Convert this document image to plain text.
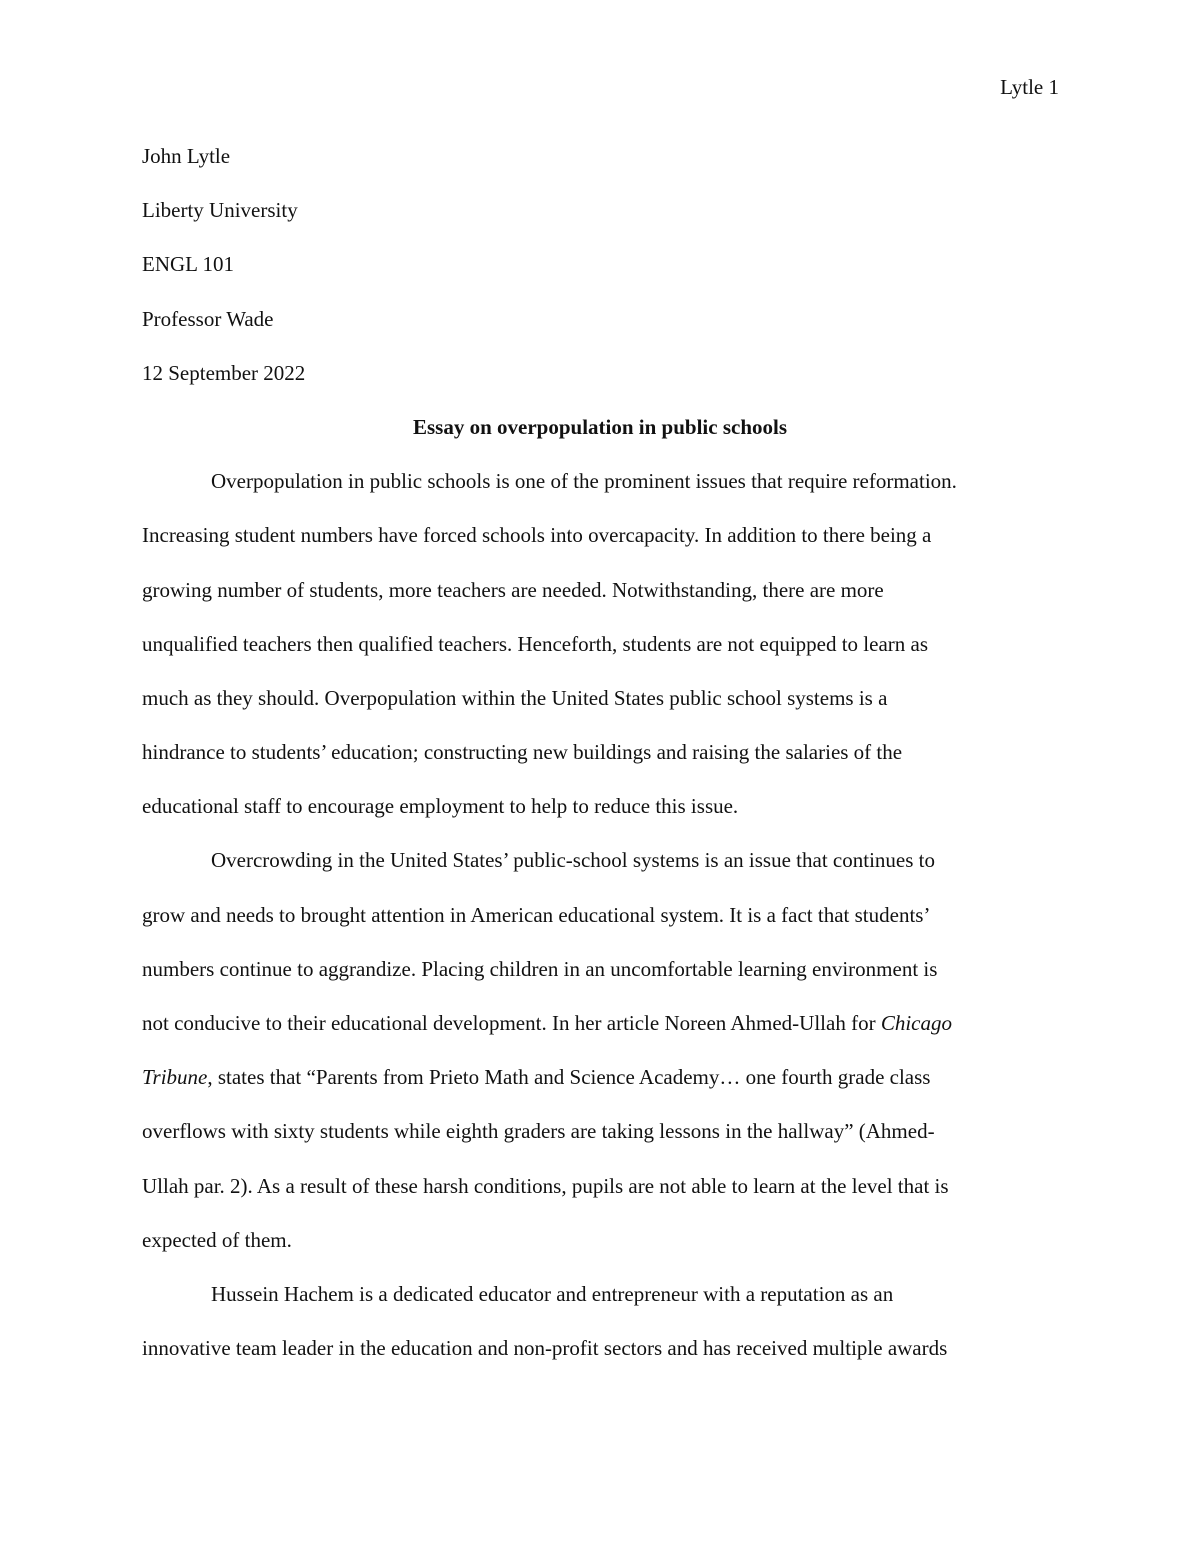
Lytle 1
John Lytle
Liberty University
ENGL 101
Professor Wade
12 September 2022
Essay on overpopulation in public schools
Overpopulation in public schools is one of the prominent issues that require reformation.
Increasing student numbers have forced schools into overcapacity. In addition to there being a
growing number of students, more teachers are needed. Notwithstanding, there are more
unqualified teachers then qualified teachers. Henceforth, students are not equipped to learn as
much as they should. Overpopulation within the United States public school systems is a
hindrance to students’ education; constructing new buildings and raising the salaries of the
educational staff to encourage employment to help to reduce this issue.
Overcrowding in the United States’ public-school systems is an issue that continues to
grow and needs to brought attention in American educational system. It is a fact that students’
numbers continue to aggrandize. Placing children in an uncomfortable learning environment is
not conducive to their educational development. In her article Noreen Ahmed-Ullah for Chicago
Tribune, states that “Parents from Prieto Math and Science Academy… one fourth grade class
overflows with sixty students while eighth graders are taking lessons in the hallway” (Ahmed-
Ullah par. 2). As a result of these harsh conditions, pupils are not able to learn at the level that is
expected of them.
Hussein Hachem is a dedicated educator and entrepreneur with a reputation as an
innovative team leader in the education and non-profit sectors and has received multiple awards
